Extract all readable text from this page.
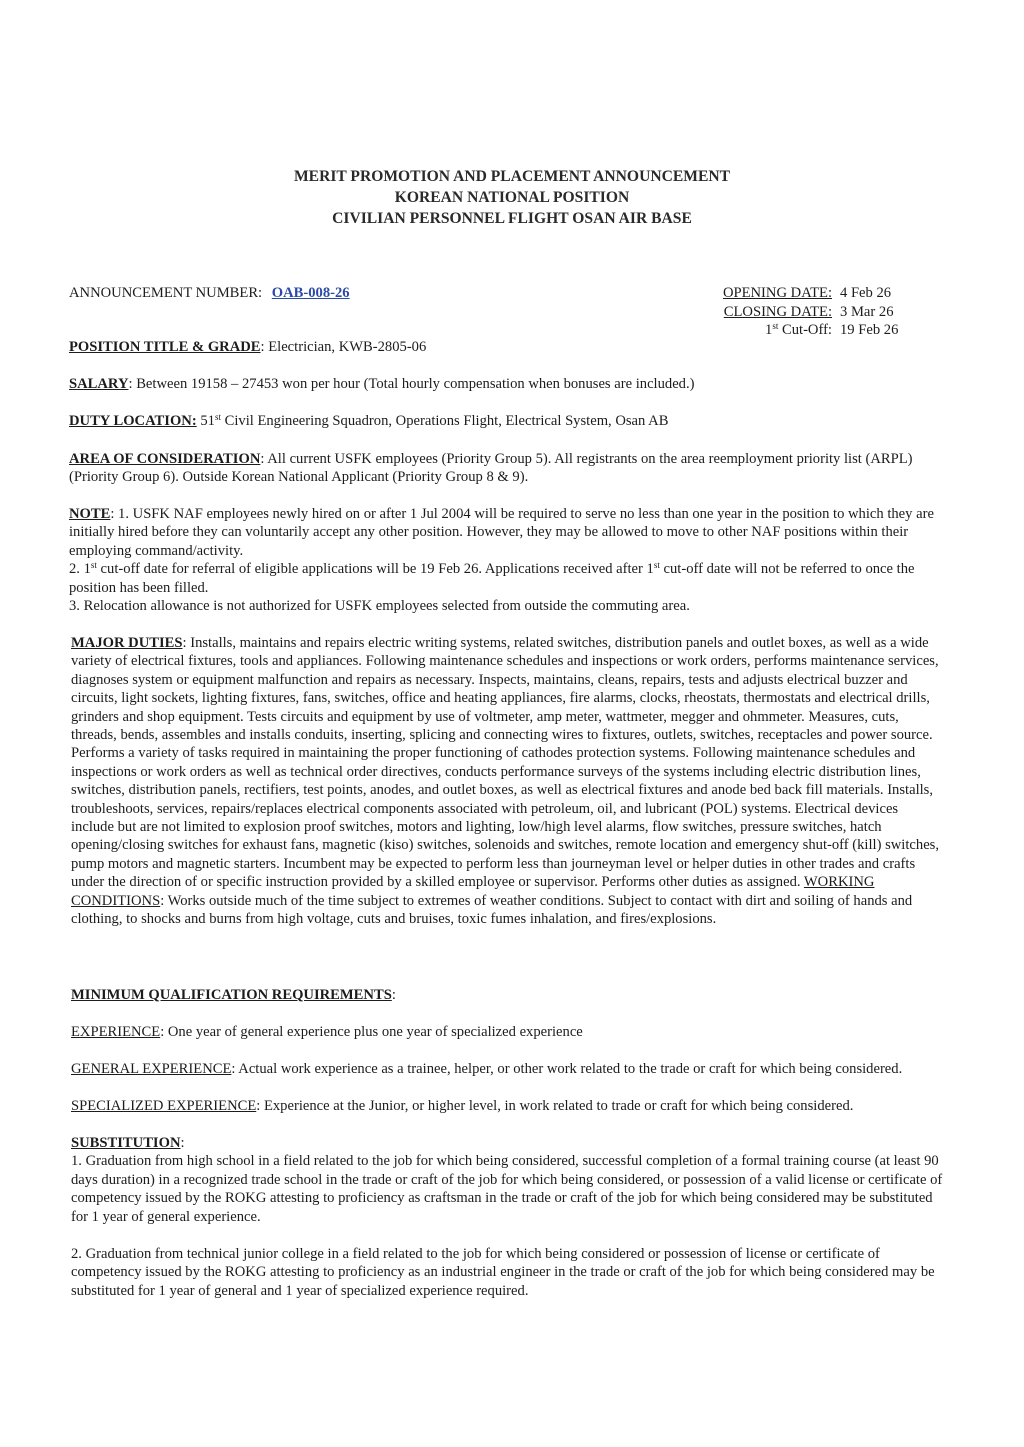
MERIT PROMOTION AND PLACEMENT ANNOUNCEMENT
KOREAN NATIONAL POSITION
CIVILIAN PERSONNEL FLIGHT OSAN AIR BASE
ANNOUNCEMENT NUMBER: OAB-008-26	OPENING DATE: 4 Feb 26
CLOSING DATE: 3 Mar 26
1st Cut-Off: 19 Feb 26
POSITION TITLE & GRADE: Electrician, KWB-2805-06
SALARY: Between 19158 – 27453 won per hour (Total hourly compensation when bonuses are included.)
DUTY LOCATION: 51st Civil Engineering Squadron, Operations Flight, Electrical System, Osan AB

AREA OF CONSIDERATION: All current USFK employees (Priority Group 5). All registrants on the area reemployment priority list (ARPL) (Priority Group 6). Outside Korean National Applicant (Priority Group 8 & 9).

NOTE: 1. USFK NAF employees newly hired on or after 1 Jul 2004 will be required to serve no less than one year in the position to which they are initially hired before they can voluntarily accept any other position. However, they may be allowed to move to other NAF positions within their employing command/activity.

2. 1st cut-off date for referral of eligible applications will be 19 Feb 26. Applications received after 1st cut-off date will not be referred to once the position has been filled.

3. Relocation allowance is not authorized for USFK employees selected from outside the commuting area.

MAJOR DUTIES: Installs, maintains and repairs electric writing systems, related switches, distribution panels and outlet boxes, as well as a wide variety of electrical fixtures, tools and appliances. Following maintenance schedules and inspections or work orders, performs maintenance services, diagnoses system or equipment malfunction and repairs as necessary. Inspects, maintains, cleans, repairs, tests and adjusts electrical buzzer and circuits, light sockets, lighting fixtures, fans, switches, office and heating appliances, fire alarms, clocks, rheostats, thermostats and electrical drills, grinders and shop equipment. Tests circuits and equipment by use of voltmeter, amp meter, wattmeter, megger and ohmmeter. Measures, cuts, threads, bends, assembles and installs conduits, inserting, splicing and connecting wires to fixtures, outlets, switches, receptacles and power source. Performs a variety of tasks required in maintaining the proper functioning of cathodes protection systems. Following maintenance schedules and inspections or work orders as well as technical order directives, conducts performance surveys of the systems including electric distribution lines, switches, distribution panels, rectifiers, test points, anodes, and outlet boxes, as well as electrical fixtures and anode bed back fill materials. Installs, troubleshoots, services, repairs/replaces electrical components associated with petroleum, oil, and lubricant (POL) systems. Electrical devices include but are not limited to explosion proof switches, motors and lighting, low/high level alarms, flow switches, pressure switches, hatch opening/closing switches for exhaust fans, magnetic (kiso) switches, solenoids and switches, remote location and emergency shut-off (kill) switches, pump motors and magnetic starters. Incumbent may be expected to perform less than journeyman level or helper duties in other trades and crafts under the direction of or specific instruction provided by a skilled employee or supervisor. Performs other duties as assigned. WORKING CONDITIONS: Works outside much of the time subject to extremes of weather conditions. Subject to contact with dirt and soiling of hands and clothing, to shocks and burns from high voltage, cuts and bruises, toxic fumes inhalation, and fires/explosions.

MINIMUM QUALIFICATION REQUIREMENTS:

EXPERIENCE: One year of general experience plus one year of specialized experience

GENERAL EXPERIENCE: Actual work experience as a trainee, helper, or other work related to the trade or craft for which being considered.

SPECIALIZED EXPERIENCE: Experience at the Junior, or higher level, in work related to trade or craft for which being considered.

SUBSTITUTION:

1. Graduation from high school in a field related to the job for which being considered, successful completion of a formal training course (at least 90 days duration) in a recognized trade school in the trade or craft of the job for which being considered, or possession of a valid license or certificate of competency issued by the ROKG attesting to proficiency as craftsman in the trade or craft of the job for which being considered may be substituted for 1 year of general experience.

2. Graduation from technical junior college in a field related to the job for which being considered or possession of license or certificate of competency issued by the ROKG attesting to proficiency as an industrial engineer in the trade or craft of the job for which being considered may be substituted for 1 year of general and 1 year of specialized experience required.
